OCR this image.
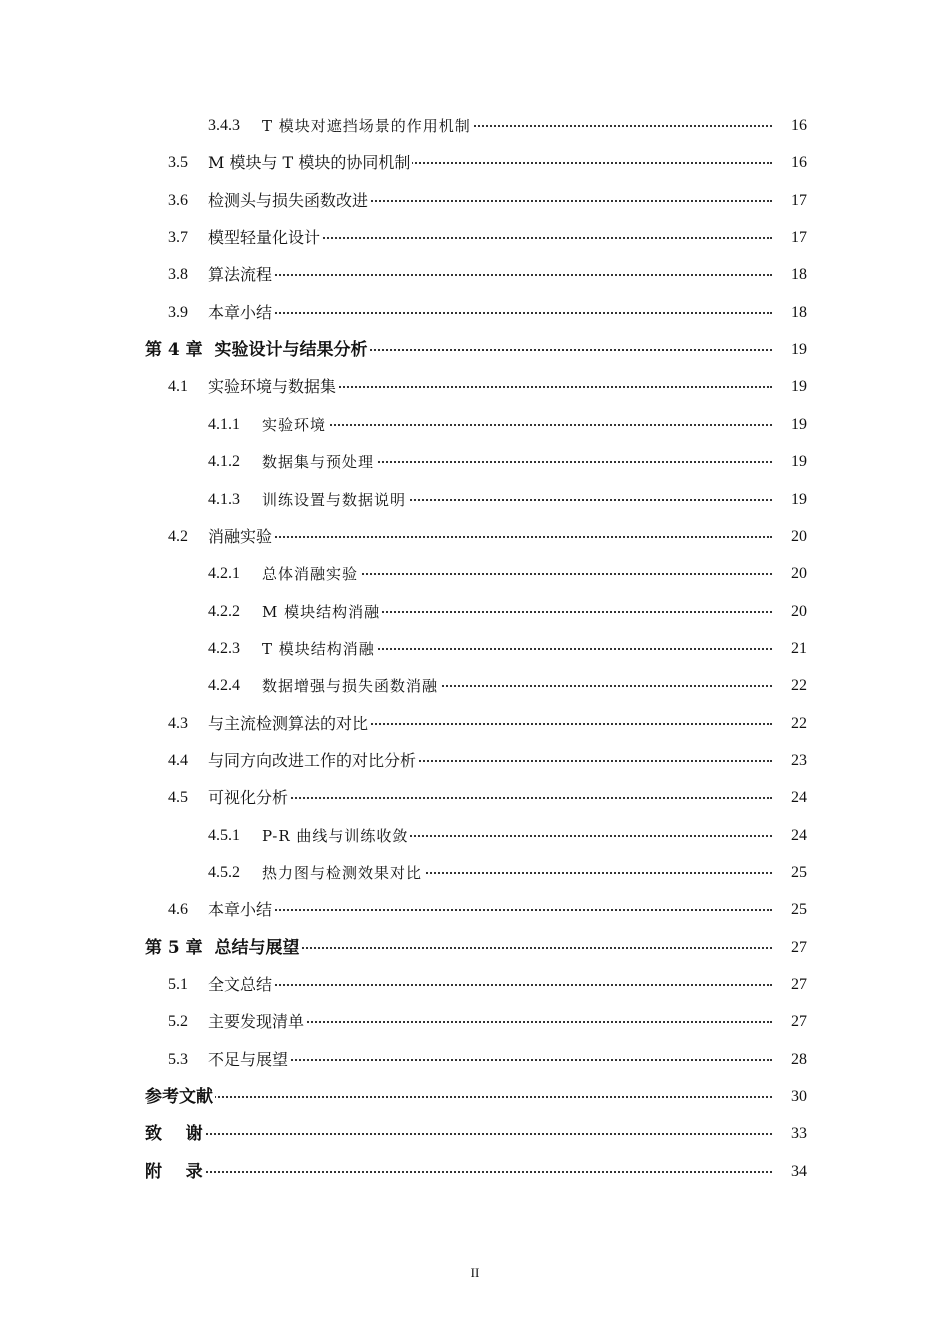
3.4.3 T 模块对遮挡场景的作用机制	16
3.5 M 模块与 T 模块的协同机制	16
3.6 检测头与损失函数改进	17
3.7 模型轻量化设计	17
3.8 算法流程	18
3.9 本章小结	18
第 4 章  实验设计与结果分析	19
4.1 实验环境与数据集	19
4.1.1 实验环境	19
4.1.2 数据集与预处理	19
4.1.3 训练设置与数据说明	19
4.2 消融实验	20
4.2.1 总体消融实验	20
4.2.2 M 模块结构消融	20
4.2.3 T 模块结构消融	21
4.2.4 数据增强与损失函数消融	22
4.3 与主流检测算法的对比	22
4.4 与同方向改进工作的对比分析	23
4.5 可视化分析	24
4.5.1 P-R 曲线与训练收敛	24
4.5.2 热力图与检测效果对比	25
4.6 本章小结	25
第 5 章  总结与展望	27
5.1 全文总结	27
5.2 主要发现清单	27
5.3 不足与展望	28
参考文献	30
致    谢	33
附    录	34
II
